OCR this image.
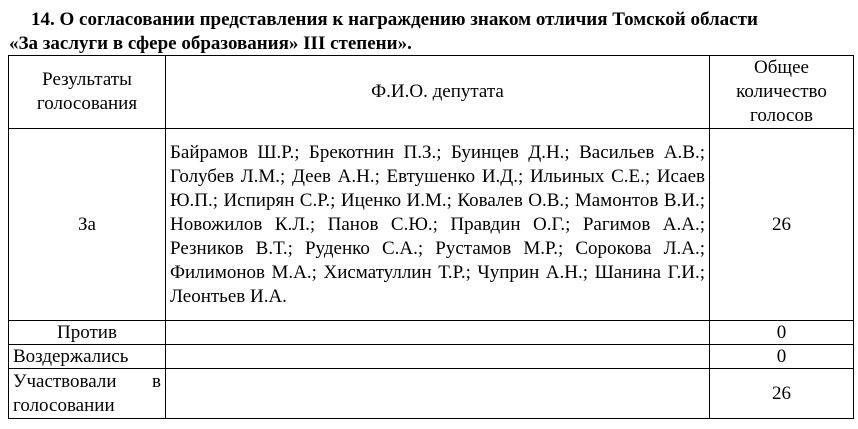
14. О согласовании представления к награждению знаком отличия Томской области
«За заслуги в сфере образования» III степени».
Результаты голосования	Ф.И.О. депутата	Общее количество голосов
За	Байрамов Ш.Р.; Брекотнин П.З.; Буинцев Д.Н.; Васильев А.В.; Голубев Л.М.; Деев А.Н.; Евтушенко И.Д.; Ильиных С.Е.; Исаев Ю.П.; Испирян С.Р.; Иценко И.М.; Ковалев О.В.; Мамонтов В.И.; Новожилов К.Л.; Панов С.Ю.; Правдин О.Г.; Рагимов А.А.; Резников В.Т.; Руденко С.А.; Рустамов М.Р.; Сорокова Л.А.; Филимонов М.А.; Хисматуллин Т.Р.; Чуприн А.Н.; Шанина Г.И.; Леонтьев И.А.	26
Против		0
Воздержались		0
Участвовали в голосовании		26
